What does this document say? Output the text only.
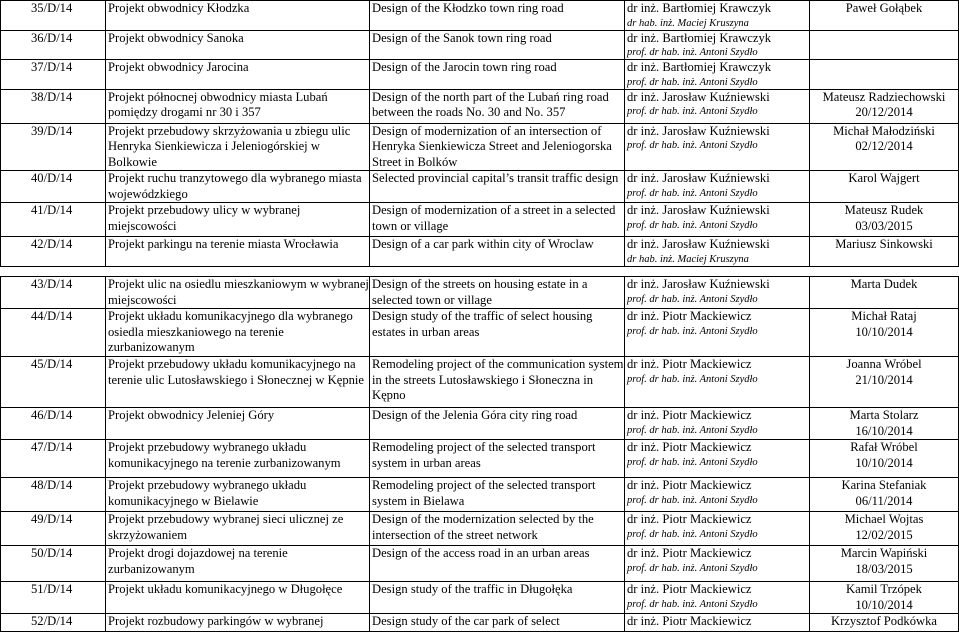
35/D/14	Projekt obwodnicy Kłodzka	Design of the Kłodzko town ring road	dr inż. Bartłomiej Krawczyk
dr hab. inż. Maciej Kruszyna	Paweł Gołąbek

36/D/14	Projekt obwodnicy Sanoka	Design of the Sanok town ring road	dr inż. Bartłomiej Krawczyk
prof. dr hab. inż. Antoni Szydło	

37/D/14	Projekt obwodnicy Jarocina	Design of the Jarocin town ring road	dr inż. Bartłomiej Krawczyk
prof. dr hab. inż. Antoni Szydło	

38/D/14	Projekt północnej obwodnicy miasta Lubań pomiędzy drogami nr 30 i 357	Design of the north part of the Lubań ring road between the roads No. 30 and No. 357	dr inż. Jarosław Kuźniewski
prof. dr hab. inż. Antoni Szydło	Mateusz Radziechowski
20/12/2014

39/D/14	Projekt przebudowy skrzyżowania u zbiegu ulic Henryka Sienkiewicza i Jeleniogórskiej w Bolkowie	Design of modernization of an intersection of Henryka Sienkiewicza Street and Jeleniogorska Street in Bolków	dr inż. Jarosław Kuźniewski
prof. dr hab. inż. Antoni Szydło	Michał Małodziński
02/12/2014

40/D/14	Projekt ruchu tranzytowego dla wybranego miasta wojewódzkiego	Selected provincial capital’s transit traffic design	dr inż. Jarosław Kuźniewski
prof. dr hab. inż. Antoni Szydło	Karol Wajgert

41/D/14	Projekt przebudowy ulicy w wybranej miejscowości	Design of modernization of a street in a selected town or village	dr inż. Jarosław Kuźniewski
prof. dr hab. inż. Antoni Szydło	Mateusz Rudek
03/03/2015

42/D/14	Projekt parkingu na terenie miasta Wrocławia	Design of a car park within city of Wroclaw	dr inż. Jarosław Kuźniewski
dr hab. inż. Maciej Kruszyna	Mariusz Sinkowski
43/D/14	Projekt ulic na osiedlu mieszkaniowym w wybranej miejscowości	Design of the streets on housing estate in a selected town or village	dr inż. Jarosław Kuźniewski
prof. dr hab. inż. Antoni Szydło	Marta Dudek

44/D/14	Projekt układu komunikacyjnego dla wybranego osiedla mieszkaniowego na terenie zurbanizowanym	Design study of the traffic of select housing estates in urban areas	dr inż. Piotr Mackiewicz
prof. dr hab. inż. Antoni Szydło	Michał Rataj
10/10/2014

45/D/14	Projekt przebudowy układu komunikacyjnego na terenie ulic Lutosławskiego i Słonecznej w Kępnie	Remodeling project of the communication system in the streets Lutosławskiego i Słoneczna in Kępno	dr inż. Piotr Mackiewicz
prof. dr hab. inż. Antoni Szydło	Joanna Wróbel
21/10/2014

46/D/14	Projekt obwodnicy Jeleniej Góry	Design of the Jelenia Góra city ring road	dr inż. Piotr Mackiewicz
prof. dr hab. inż. Antoni Szydło	Marta Stolarz
16/10/2014

47/D/14	Projekt przebudowy wybranego układu komunikacyjnego na terenie zurbanizowanym	Remodeling project of the selected transport system in urban areas	dr inż. Piotr Mackiewicz
prof. dr hab. inż. Antoni Szydło	Rafał Wróbel
10/10/2014

48/D/14	Projekt przebudowy wybranego układu komunikacyjnego w Bielawie	Remodeling project of the selected transport system in Bielawa	dr inż. Piotr Mackiewicz
prof. dr hab. inż. Antoni Szydło	Karina Stefaniak
06/11/2014

49/D/14	Projekt przebudowy wybranej sieci ulicznej ze skrzyżowaniem	Design of the modernization selected by the intersection of the street network	dr inż. Piotr Mackiewicz
prof. dr hab. inż. Antoni Szydło	Michael Wojtas
12/02/2015

50/D/14	Projekt drogi dojazdowej na terenie zurbanizowanym	Design of the access road in an urban areas	dr inż. Piotr Mackiewicz
prof. dr hab. inż. Antoni Szydło	Marcin Wapiński
18/03/2015

51/D/14	Projekt układu komunikacyjnego w Długołęce	Design study of the traffic in Długołęka	dr inż. Piotr Mackiewicz
prof. dr hab. inż. Antoni Szydło	Kamil Trzópek
10/10/2014

52/D/14	Projekt rozbudowy parkingów w wybranej	Design study of the car park of select	dr inż. Piotr Mackiewicz	Krzysztof Podkówka
